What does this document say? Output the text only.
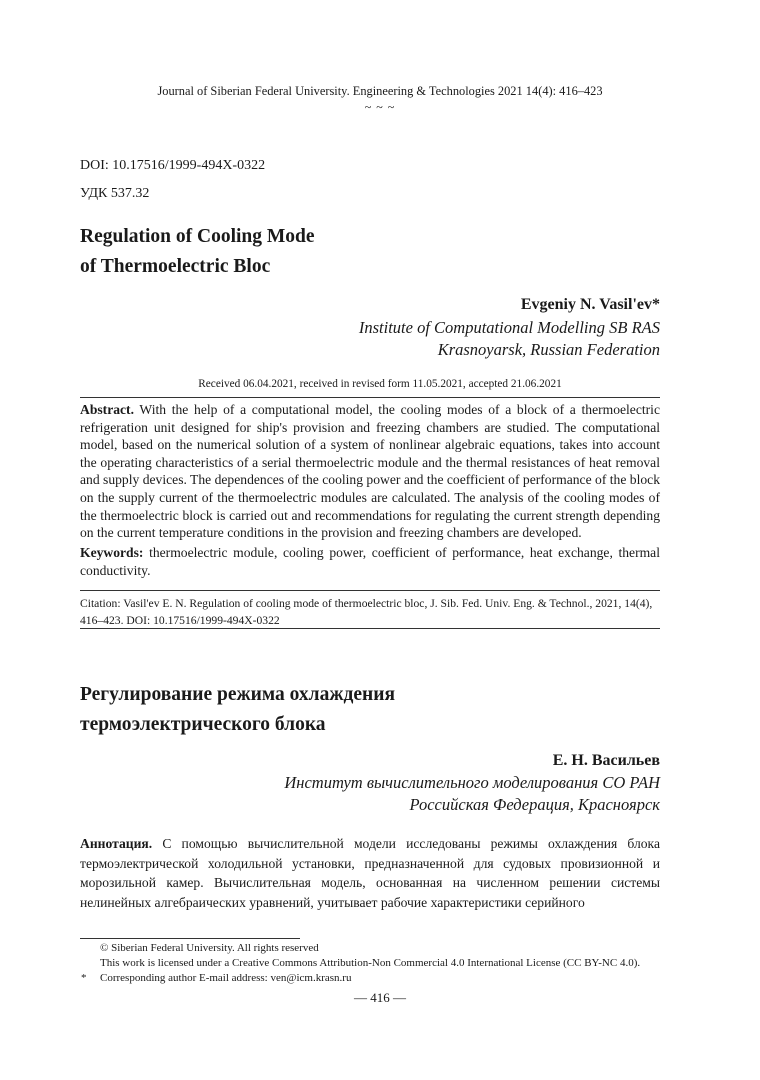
Journal of Siberian Federal University. Engineering & Technologies 2021 14(4): 416–423
~ ~ ~
DOI: 10.17516/1999-494X-0322
УДК 537.32
Regulation of Cooling Mode
of Thermoelectric Bloc
Evgeniy N. Vasil'ev*
Institute of Computational Modelling SB RAS
Krasnoyarsk, Russian Federation
Received 06.04.2021, received in revised form 11.05.2021, accepted 21.06.2021
Abstract. With the help of a computational model, the cooling modes of a block of a thermoelectric refrigeration unit designed for ship's provision and freezing chambers are studied. The computational model, based on the numerical solution of a system of nonlinear algebraic equations, takes into account the operating characteristics of a serial thermoelectric module and the thermal resistances of heat removal and supply devices. The dependences of the cooling power and the coefficient of performance of the block on the supply current of the thermoelectric modules are calculated. The analysis of the cooling modes of the thermoelectric block is carried out and recommendations for regulating the current strength depending on the current temperature conditions in the provision and freezing chambers are developed.
Keywords: thermoelectric module, cooling power, coefficient of performance, heat exchange, thermal conductivity.
Citation: Vasil'ev E. N. Regulation of cooling mode of thermoelectric bloc, J. Sib. Fed. Univ. Eng. & Technol., 2021, 14(4), 416–423. DOI: 10.17516/1999-494X-0322
Регулирование режима охлаждения
термоэлектрического блока
Е. Н. Васильев
Институт вычислительного моделирования СО РАН
Российская Федерация, Красноярск
Аннотация. С помощью вычислительной модели исследованы режимы охлаждения блока термоэлектрической холодильной установки, предназначенной для судовых провизионной и морозильной камер. Вычислительная модель, основанная на численном решении системы нелинейных алгебраических уравнений, учитывает рабочие характеристики серийного
© Siberian Federal University. All rights reserved
This work is licensed under a Creative Commons Attribution-Non Commercial 4.0 International License (CC BY-NC 4.0).
* Corresponding author E-mail address: ven@icm.krasn.ru
— 416 —
